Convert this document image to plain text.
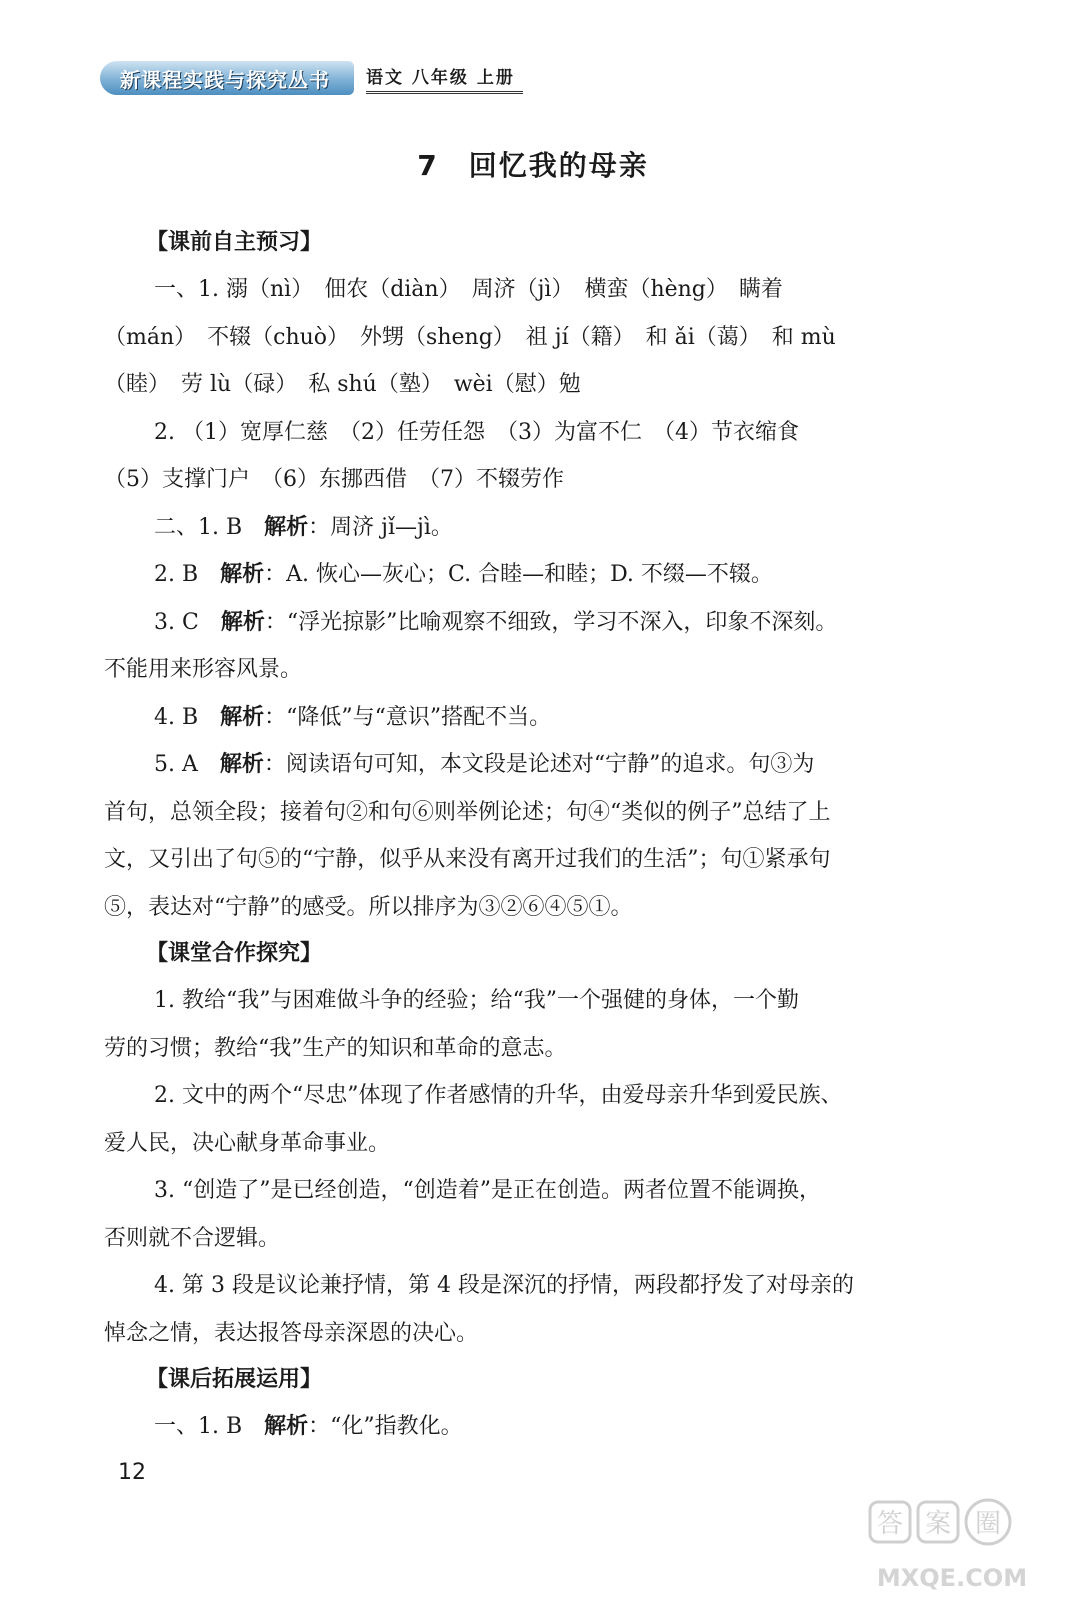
新课程实践与探究丛书	语文 八年级 上册
7　回忆我的母亲
【课前自主预习】
一、1. 溺（nì）　佃农（diàn）　周济（jì）　横蛮（hèng）　瞒着
（mán）　不辍（chuò）　外甥（sheng）　祖 jí（籍）　和 ǎi（蔼）　和 mù
（睦）　劳 lù（碌）　私 shú（塾）　wèi（慰）勉
2. （1）宽厚仁慈　（2）任劳任怨　（3）为富不仁　（4）节衣缩食
（5）支撑门户　（6）东挪西借　（7）不辍劳作
二、1. B　解析：周济 jǐ—jì。
2. B　解析：A. 恢心—灰心；C. 合睦—和睦；D. 不缀—不辍。
3. C　解析：“浮光掠影”比喻观察不细致，学习不深入，印象不深刻。
不能用来形容风景。
4. B　解析：“降低”与“意识”搭配不当。
5. A　解析：阅读语句可知，本文段是论述对“宁静”的追求。句③为
首句，总领全段；接着句②和句⑥则举例论述；句④“类似的例子”总结了上
文，又引出了句⑤的“宁静，似乎从来没有离开过我们的生活”；句①紧承句
⑤，表达对“宁静”的感受。所以排序为③②⑥④⑤①。
【课堂合作探究】
1. 教给“我”与困难做斗争的经验；给“我”一个强健的身体，一个勤
劳的习惯；教给“我”生产的知识和革命的意志。
2. 文中的两个“尽忠”体现了作者感情的升华，由爱母亲升华到爱民族、
爱人民，决心献身革命事业。
3. “创造了”是已经创造，“创造着”是正在创造。两者位置不能调换，
否则就不合逻辑。
4. 第 3 段是议论兼抒情，第 4 段是深沉的抒情，两段都抒发了对母亲的
悼念之情，表达报答母亲深恩的决心。
【课后拓展运用】
一、1. B　解析：“化”指教化。
12
答 案 圈
MXQE.COM
